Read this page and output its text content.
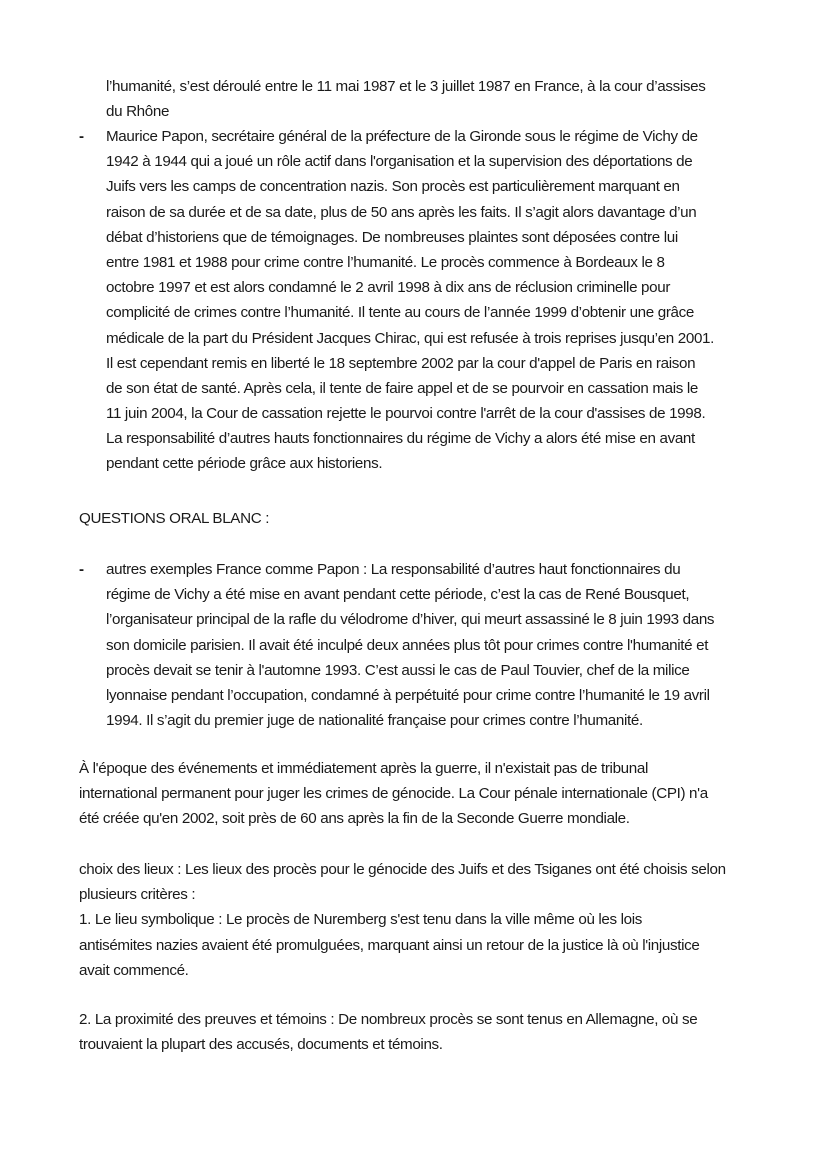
l’humanité, s’est déroulé entre le 11 mai 1987 et le 3 juillet 1987 en France, à la cour d’assises
du Rhône
-	Maurice Papon, secrétaire général de la préfecture de la Gironde sous le régime de Vichy de
1942 à 1944 qui a joué un rôle actif dans l'organisation et la supervision des déportations de
Juifs vers les camps de concentration nazis. Son procès est particulièrement marquant en
raison de sa durée et de sa date, plus de 50 ans après les faits. Il s’agit alors davantage d’un
débat d’historiens que de témoignages. De nombreuses plaintes sont déposées contre lui
entre 1981 et 1988 pour crime contre l’humanité. Le procès commence à Bordeaux le 8
octobre 1997 et est alors condamné le 2 avril 1998 à dix ans de réclusion criminelle pour
complicité de crimes contre l’humanité. Il tente au cours de l’année 1999 d’obtenir une grâce
médicale de la part du Président Jacques Chirac, qui est refusée à trois reprises jusqu’en 2001.
Il est cependant remis en liberté le 18 septembre 2002 par la cour d'appel de Paris en raison
de son état de santé. Après cela, il tente de faire appel et de se pourvoir en cassation mais le
11 juin 2004, la Cour de cassation rejette le pourvoi contre l'arrêt de la cour d'assises de 1998.
La responsabilité d’autres hauts fonctionnaires du régime de Vichy a alors été mise en avant
pendant cette période grâce aux historiens.
QUESTIONS ORAL BLANC :
-	autres exemples France comme Papon : La responsabilité d’autres haut fonctionnaires du
régime de Vichy a été mise en avant pendant cette période, c’est la cas de René Bousquet,
l’organisateur principal de la rafle du vélodrome d’hiver, qui meurt assassiné le 8 juin 1993 dans
son domicile parisien. Il avait été inculpé deux années plus tôt pour crimes contre l'humanité et
procès devait se tenir à l'automne 1993. C’est aussi le cas de Paul Touvier, chef de la milice
lyonnaise pendant l’occupation, condamné à perpétuité pour crime contre l’humanité le 19 avril
1994. Il s’agit du premier juge de nationalité française pour crimes contre l’humanité.
À l'époque des événements et immédiatement après la guerre, il n'existait pas de tribunal
international permanent pour juger les crimes de génocide. La Cour pénale internationale (CPI) n'a
été créée qu'en 2002, soit près de 60 ans après la fin de la Seconde Guerre mondiale.
choix des lieux : Les lieux des procès pour le génocide des Juifs et des Tsiganes ont été choisis selon
plusieurs critères :
1. Le lieu symbolique : Le procès de Nuremberg s'est tenu dans la ville même où les lois
antisémites nazies avaient été promulguées, marquant ainsi un retour de la justice là où l'injustice
avait commencé.
2. La proximité des preuves et témoins : De nombreux procès se sont tenus en Allemagne, où se
trouvaient la plupart des accusés, documents et témoins.
